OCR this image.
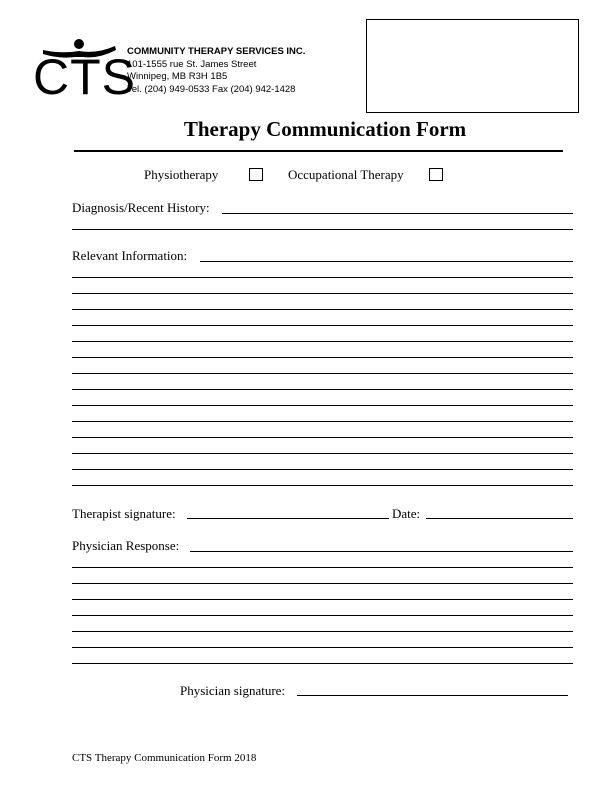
CTS
COMMUNITY THERAPY SERVICES INC.
101-1555 rue St. James Street
Winnipeg, MB R3H 1B5
Tel. (204) 949-0533 Fax (204) 942-1428
Therapy Communication Form
Physiotherapy	Occupational Therapy
Diagnosis/Recent History:
Relevant Information:
Therapist signature:	Date:
Physician Response:
Physician signature:
CTS Therapy Communication Form 2018
